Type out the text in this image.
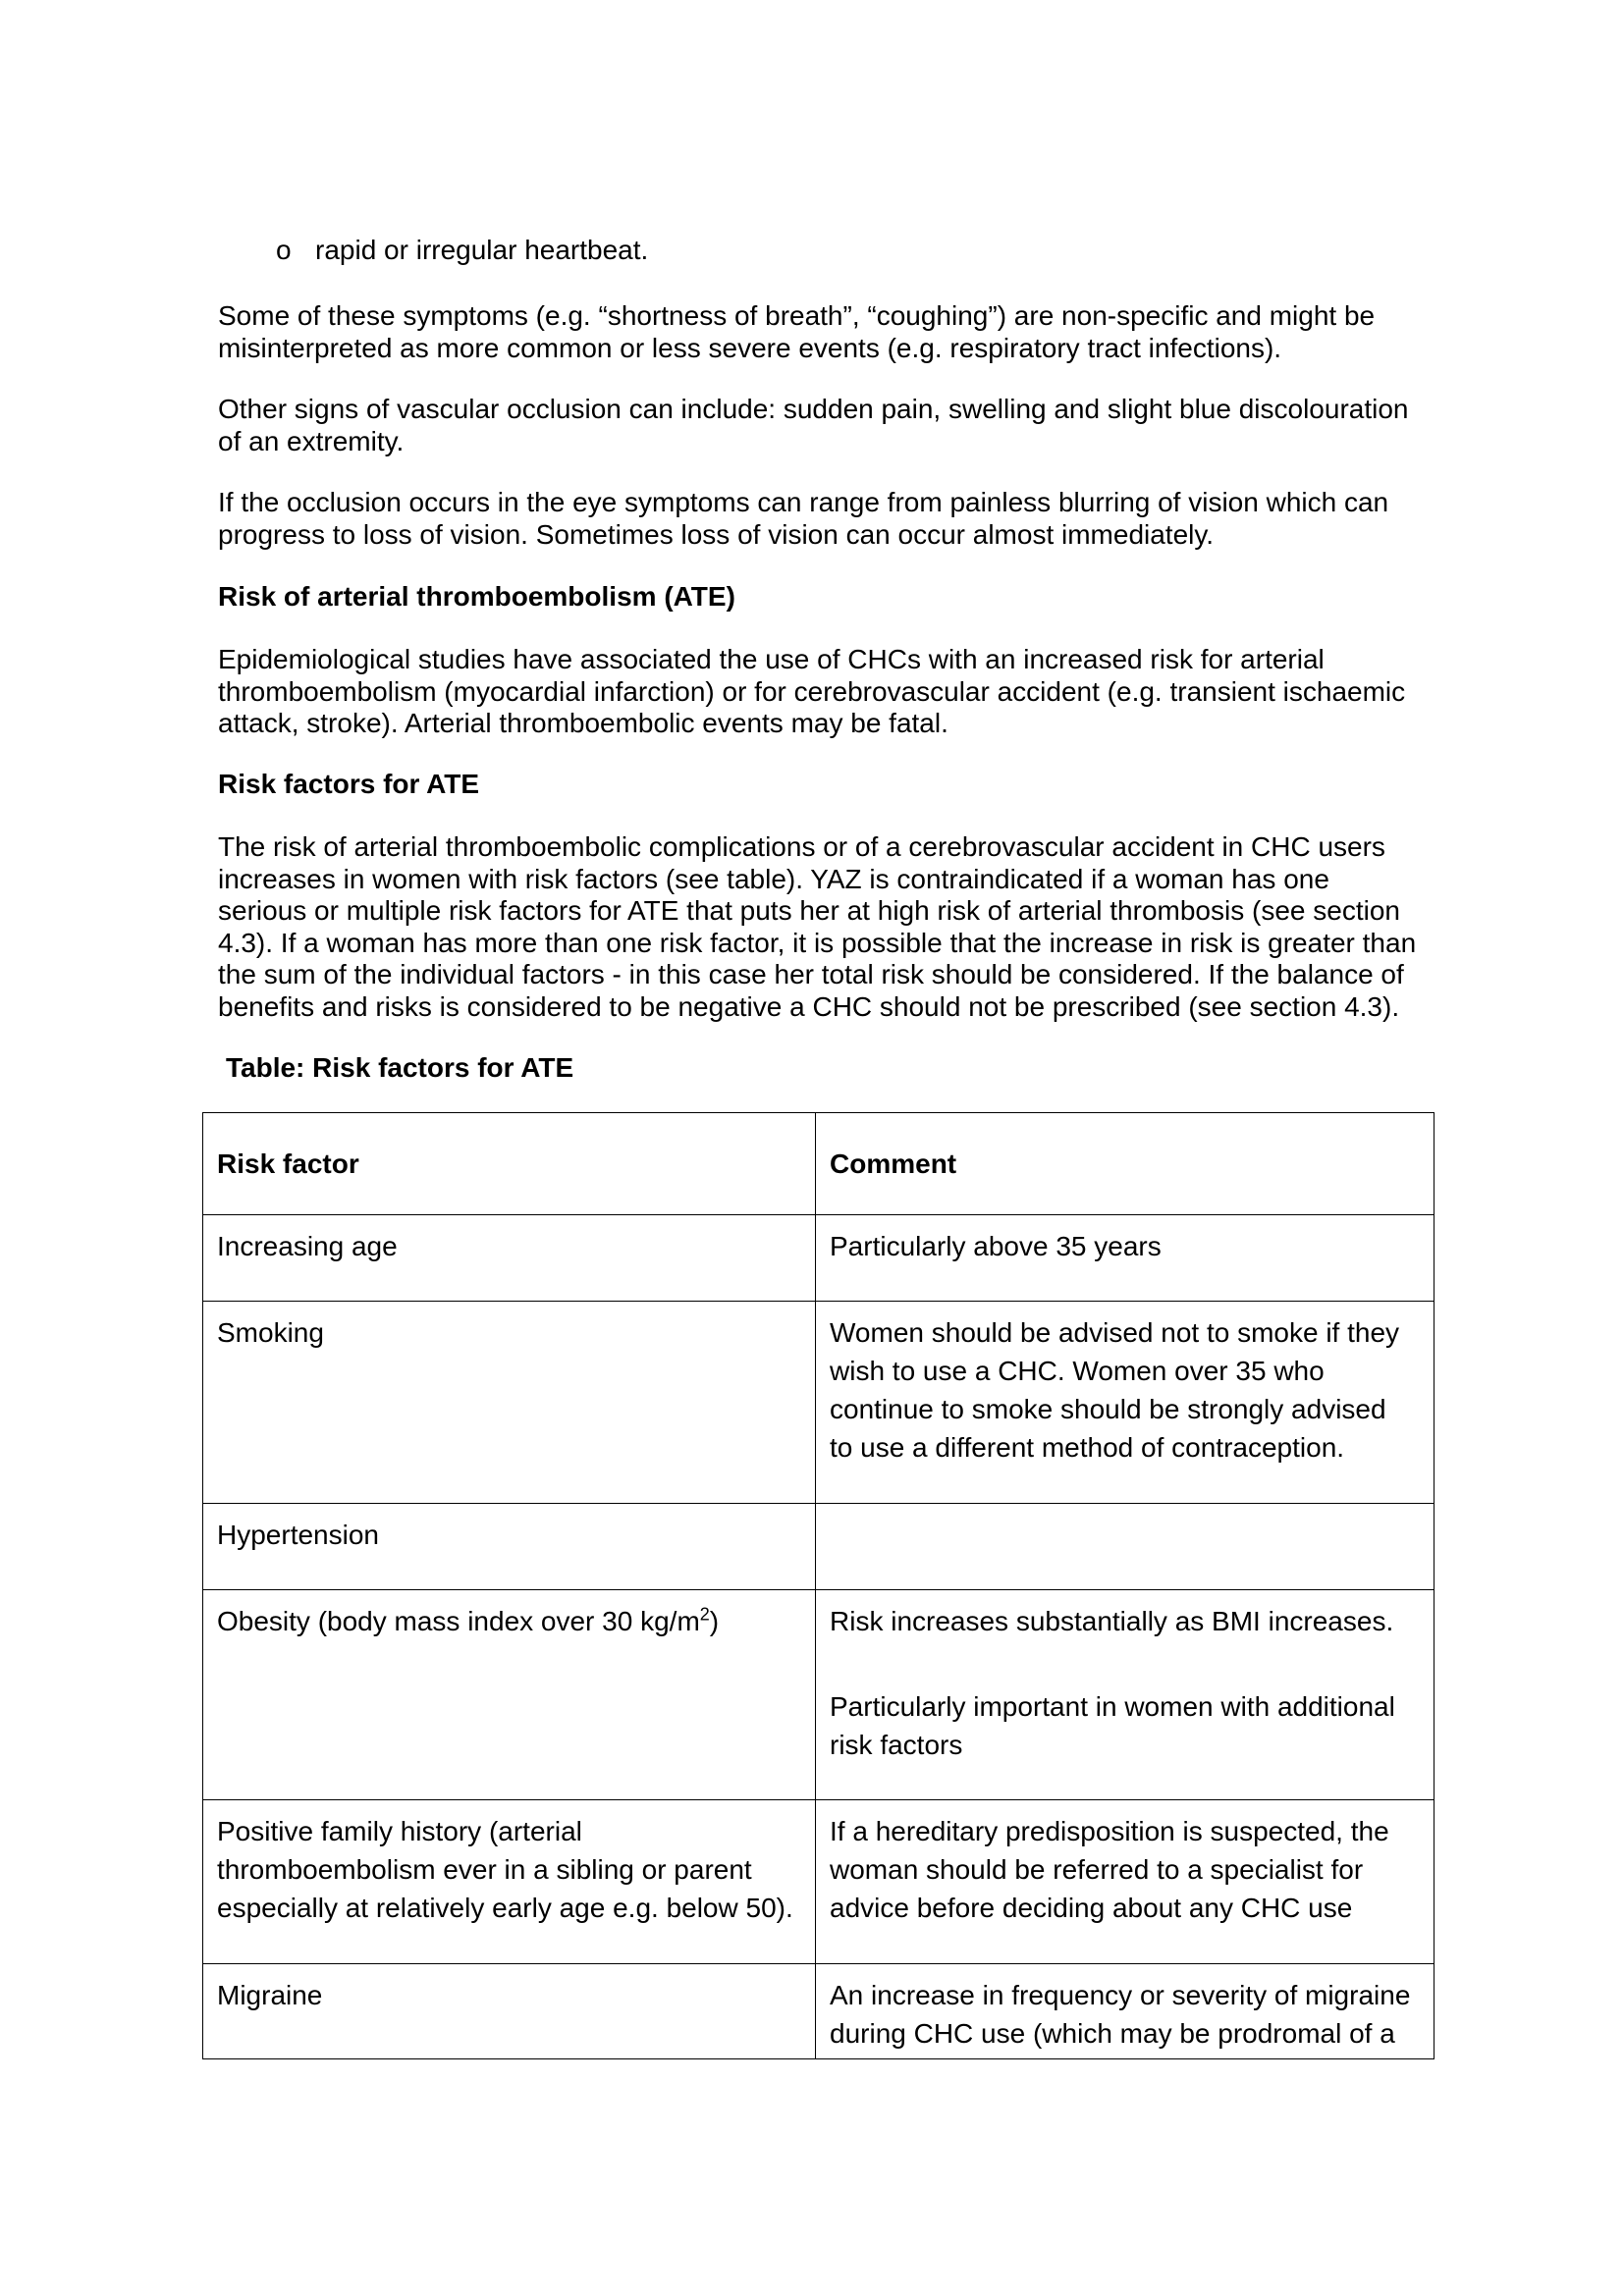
o rapid or irregular heartbeat.

Some of these symptoms (e.g. “shortness of breath”, “coughing”) are non-specific and might be
misinterpreted as more common or less severe events (e.g. respiratory tract infections).

Other signs of vascular occlusion can include: sudden pain, swelling and slight blue discolouration
of an extremity.

If the occlusion occurs in the eye symptoms can range from painless blurring of vision which can
progress to loss of vision. Sometimes loss of vision can occur almost immediately.

Risk of arterial thromboembolism (ATE)

Epidemiological studies have associated the use of CHCs with an increased risk for arterial
thromboembolism (myocardial infarction) or for cerebrovascular accident (e.g. transient ischaemic
attack, stroke). Arterial thromboembolic events may be fatal.

Risk factors for ATE

The risk of arterial thromboembolic complications or of a cerebrovascular accident in CHC users
increases in women with risk factors (see table). YAZ is contraindicated if a woman has one
serious or multiple risk factors for ATE that puts her at high risk of arterial thrombosis (see section
4.3). If a woman has more than one risk factor, it is possible that the increase in risk is greater than
the sum of the individual factors - in this case her total risk should be considered. If the balance of
benefits and risks is considered to be negative a CHC should not be prescribed (see section 4.3).

Table: Risk factors for ATE
Risk factor	Comment

Increasing age	Particularly above 35 years

Smoking	Women should be advised not to smoke if they
wish to use a CHC. Women over 35 who
continue to smoke should be strongly advised
to use a different method of contraception.

Hypertension	

Obesity (body mass index over 30 $kg/m^2$)	Risk increases substantially as BMI increases.
Particularly important in women with additional
risk factors

Positive family history (arterial
thromboembolism ever in a sibling or parent
especially at relatively early age e.g. below 50).	If a hereditary predisposition is suspected, the
woman should be referred to a specialist for
advice before deciding about any CHC use

Migraine	An increase in frequency or severity of migraine
during CHC use (which may be prodromal of a
